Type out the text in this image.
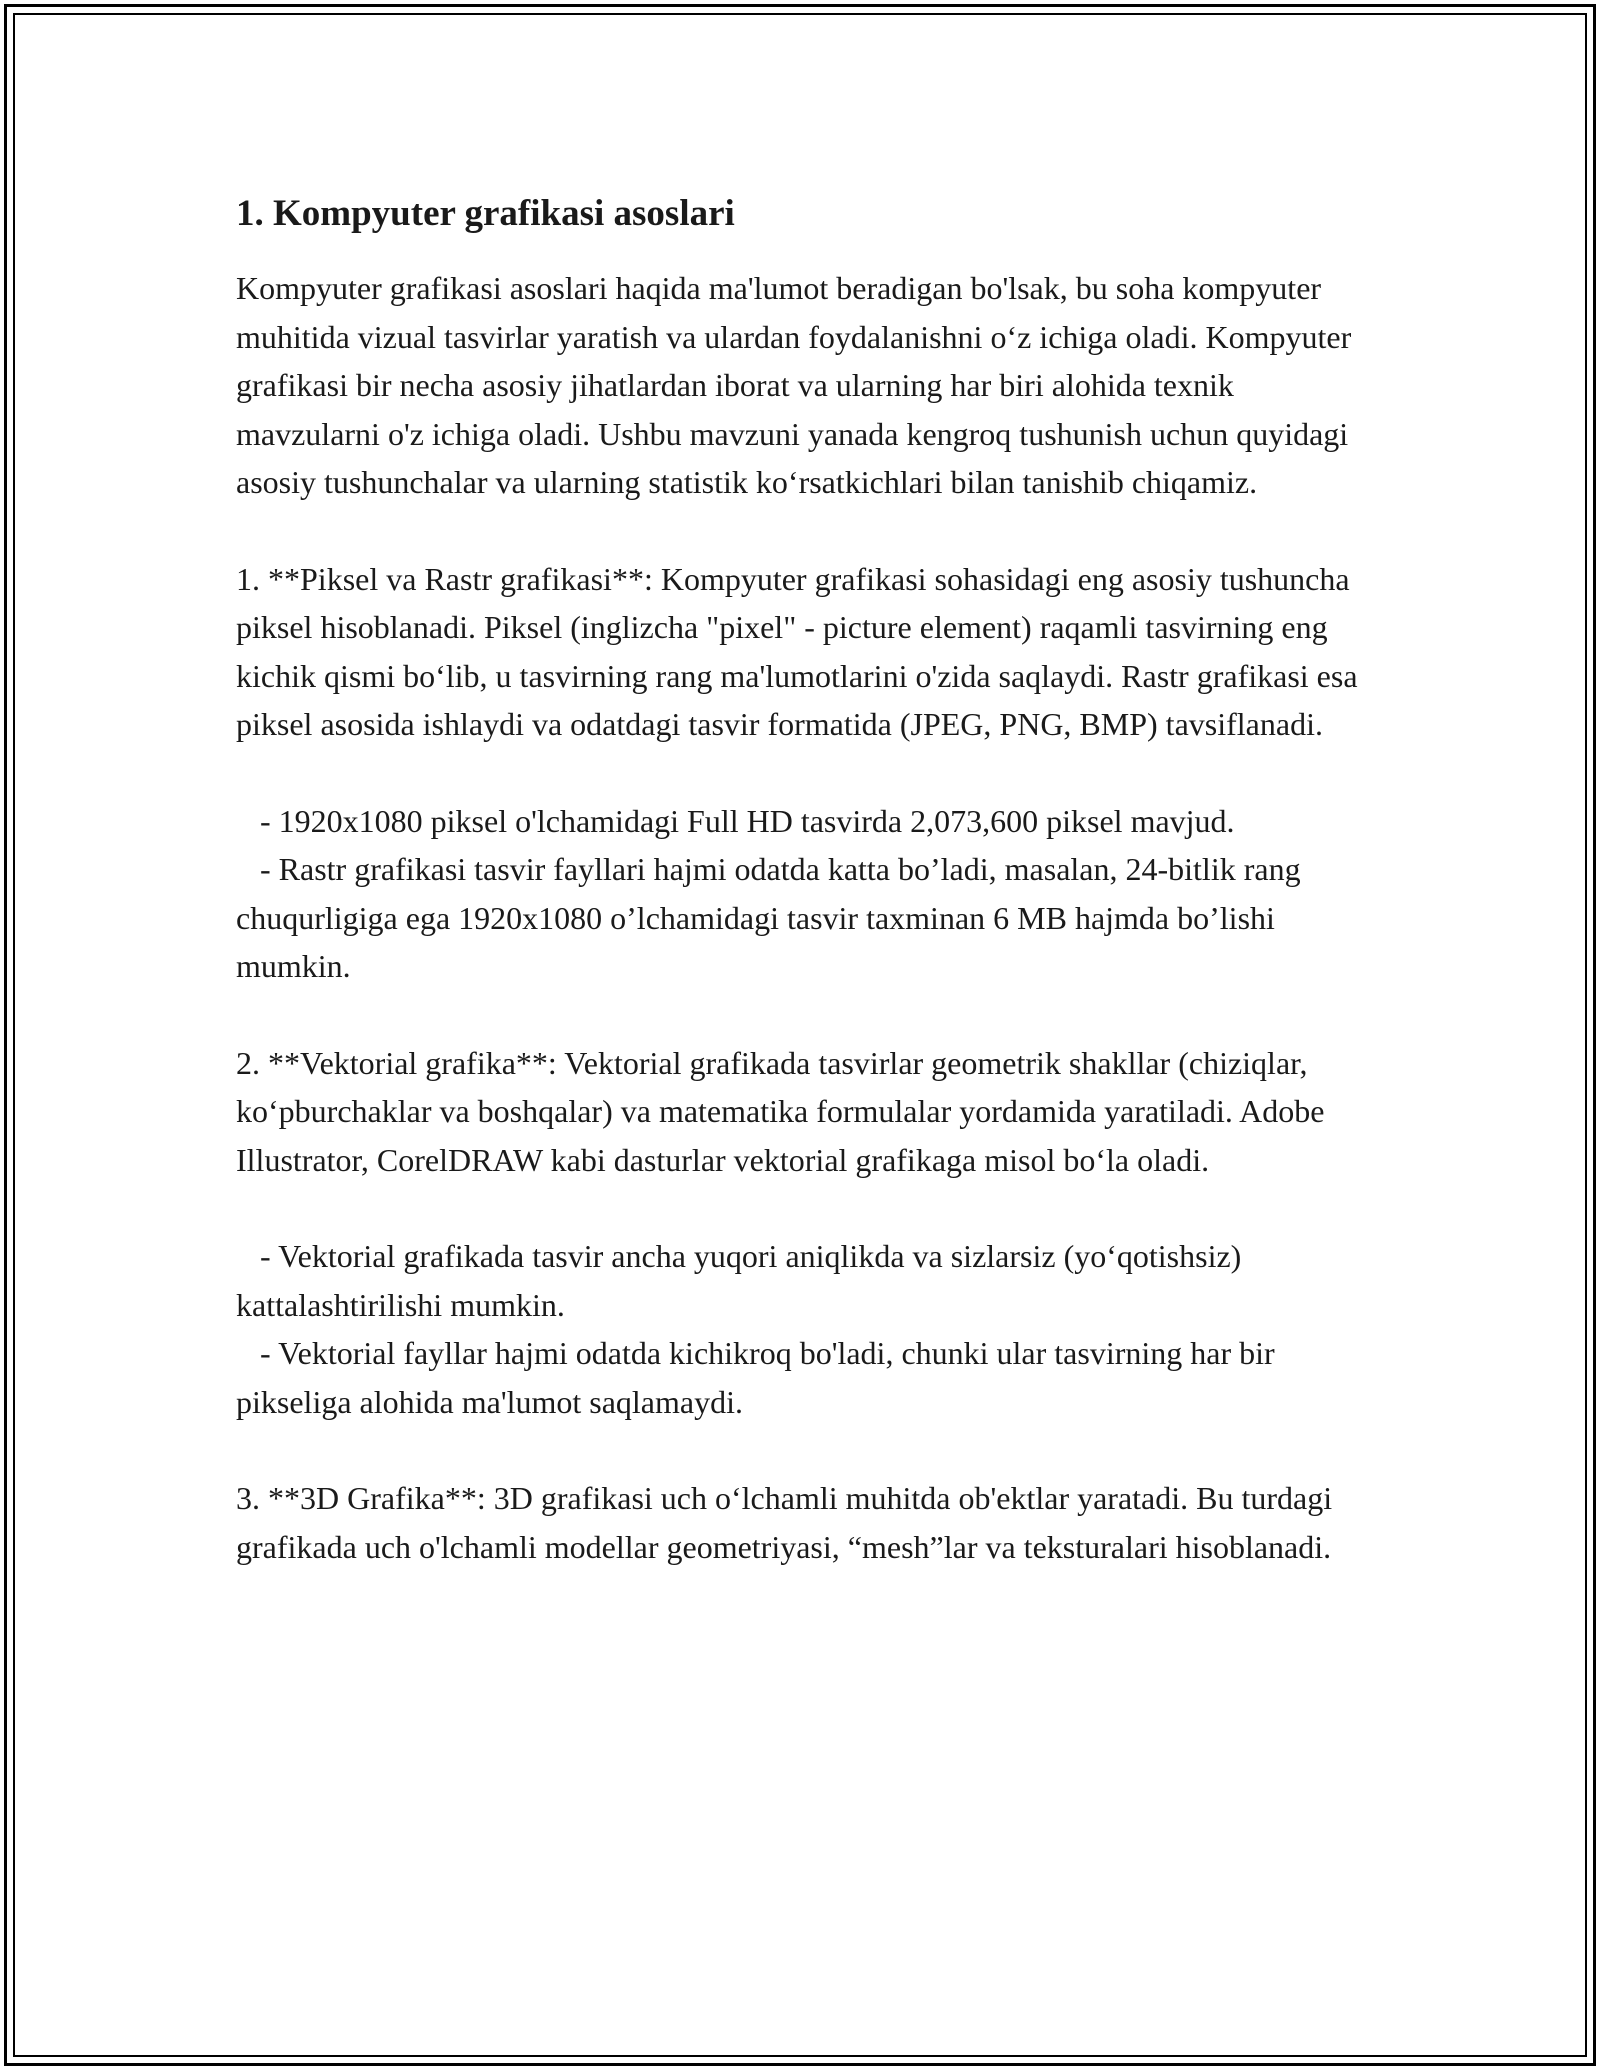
1. Kompyuter grafikasi asoslari

Kompyuter grafikasi asoslari haqida ma'lumot beradigan bo'lsak, bu soha kompyuter muhitida vizual tasvirlar yaratish va ulardan foydalanishni o‘z ichiga oladi. Kompyuter grafikasi bir necha asosiy jihatlardan iborat va ularning har biri alohida texnik mavzularni o'z ichiga oladi. Ushbu mavzuni yanada kengroq tushunish uchun quyidagi asosiy tushunchalar va ularning statistik ko‘rsatkichlari bilan tanishib chiqamiz.

1. **Piksel va Rastr grafikasi**: Kompyuter grafikasi sohasidagi eng asosiy tushuncha piksel hisoblanadi. Piksel (inglizcha "pixel" - picture element) raqamli tasvirning eng kichik qismi bo‘lib, u tasvirning rang ma'lumotlarini o'zida saqlaydi. Rastr grafikasi esa piksel asosida ishlaydi va odatdagi tasvir formatida (JPEG, PNG, BMP) tavsiflanadi.

- 1920x1080 piksel o'lchamidagi Full HD tasvirda 2,073,600 piksel mavjud.
- Rastr grafikasi tasvir fayllari hajmi odatda katta bo’ladi, masalan, 24-bitlik rang chuqurligiga ega 1920x1080 o’lchamidagi tasvir taxminan 6 MB hajmda bo’lishi mumkin.

2. **Vektorial grafika**: Vektorial grafikada tasvirlar geometrik shakllar (chiziqlar, ko‘pburchaklar va boshqalar) va matematika formulalar yordamida yaratiladi. Adobe Illustrator, CorelDRAW kabi dasturlar vektorial grafikaga misol bo‘la oladi.

- Vektorial grafikada tasvir ancha yuqori aniqlikda va sizlarsiz (yo‘qotishsiz) kattalashtirilishi mumkin.
- Vektorial fayllar hajmi odatda kichikroq bo'ladi, chunki ular tasvirning har bir pikseliga alohida ma'lumot saqlamaydi.

3. **3D Grafika**: 3D grafikasi uch o‘lchamli muhitda ob'ektlar yaratadi. Bu turdagi grafikada uch o'lchamli modellar geometriyasi, “mesh”lar va teksturalari hisoblanadi.
